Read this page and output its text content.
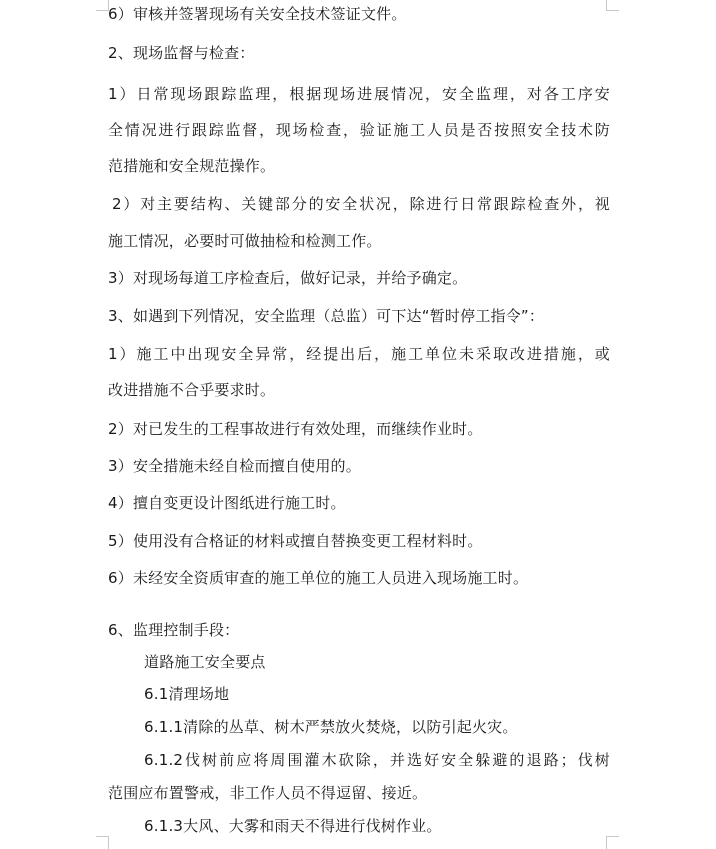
6）审核并签署现场有关安全技术签证文件。
2、现场监督与检查：
1）日常现场跟踪监理，根据现场进展情况，安全监理，对各工序安
全情况进行跟踪监督，现场检查，验证施工人员是否按照安全技术防
范措施和安全规范操作。
2）对主要结构、关键部分的安全状况，除进行日常跟踪检查外，视
施工情况，必要时可做抽检和检测工作。
3）对现场每道工序检查后，做好记录，并给予确定。
3、如遇到下列情况，安全监理（总监）可下达“暂时停工指令”：
1）施工中出现安全异常，经提出后，施工单位未采取改进措施，或
改进措施不合乎要求时。
2）对已发生的工程事故进行有效处理，而继续作业时。
3）安全措施未经自检而擅自使用的。
4）擅自变更设计图纸进行施工时。
5）使用没有合格证的材料或擅自替换变更工程材料时。
6）未经安全资质审查的施工单位的施工人员进入现场施工时。
6、监理控制手段：
道路施工安全要点
6.1清理场地
6.1.1清除的丛草、树木严禁放火焚烧，以防引起火灾。
6.1.2伐树前应将周围灌木砍除，并选好安全躲避的退路；伐树
范围应布置警戒，非工作人员不得逗留、接近。
6.1.3大风、大雾和雨天不得进行伐树作业。
